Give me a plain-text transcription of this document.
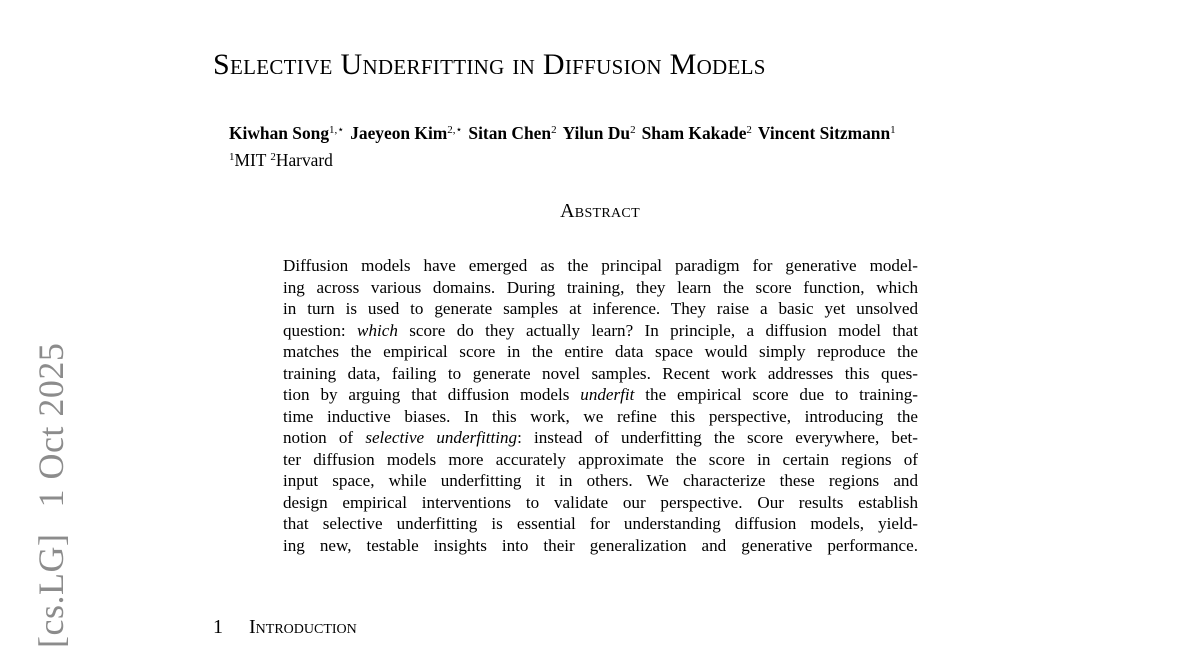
[cs.LG]1 Oct 2025
Selective Underfitting in Diffusion Models
Kiwhan Song$^{1,⋆}$ Jaeyeon Kim$^{2,⋆}$ Sitan Chen$^2$ Yilun Du$^2$ Sham Kakade$^2$ Vincent Sitzmann$^1$
$^1$MIT $^2$Harvard
Abstract
Diffusion models have emerged as the principal paradigm for generative model-
ing across various domains. During training, they learn the score function, which
in turn is used to generate samples at inference. They raise a basic yet unsolved
question: which score do they actually learn? In principle, a diffusion model that
matches the empirical score in the entire data space would simply reproduce the
training data, failing to generate novel samples. Recent work addresses this ques-
tion by arguing that diffusion models underfit the empirical score due to training-
time inductive biases. In this work, we refine this perspective, introducing the
notion of selective underfitting: instead of underfitting the score everywhere, bet-
ter diffusion models more accurately approximate the score in certain regions of
input space, while underfitting it in others. We characterize these regions and
design empirical interventions to validate our perspective. Our results establish
that selective underfitting is essential for understanding diffusion models, yield-
ing new, testable insights into their generalization and generative performance.
1 Introduction
